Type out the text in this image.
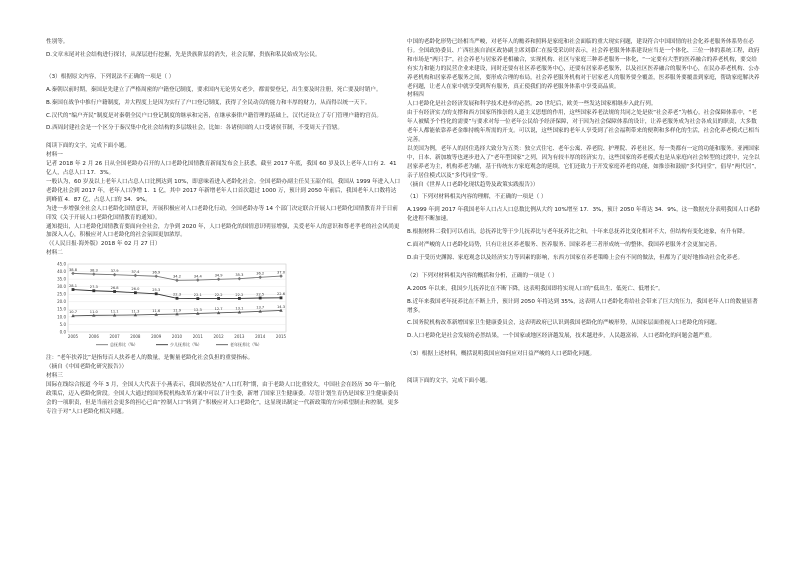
性别等。

D.文章末尾对社会结构进行探讨，从深层进行挖掘，先是贵族阶层的消失，社会瓦解，贵族和私民始成为公民。

（3）根据原文内容，下列说法不正确的一项是（ ）

A.秦朝以前时期，秦国是先建立了严格周密的户籍登记制度，要求国内无论男女老少，都需要登记，出生要及时注册，死亡要及时销户。

B.秦国在战争中推行户籍制度，并大程度上是因为实行了户口登记制度，获得了全民动员的能力和丰厚的财力，从而得以统一天下。

C.汉代的“编户齐民”制度是对秦朝全民户口登记制度的继承和完善，在继承秦律户籍管理的基础上，汉代还设立了专门管理户籍的官员。

D.西周封建社会是一个区分于秦汉集中化社会结构的多层级社会，比如：各诸侯国的人口受诸侯节制，不受周天子管辖。

阅读下面的文字，完成下面小题。

材料一

记者 2018 年 2 月 26 日从全国老龄办召开的人口老龄化国情教育新闻发布会上获悉，截至 2017 年底，我国 60 岁及以上老年人口有 2．41 亿人，占总人口 17．3%。

一般认为，60 岁及以上老年人口占总人口比例达到 10%，即意味着进入老龄化社会。全国老龄办副主任吴玉韶介绍，我国从 1999 年进入人口老龄化社会到 2017 年，老年人口净增 1．1 亿，其中 2017 年新增老年人口首次超过 1000 万，预计到 2050 年前后，我国老年人口数将达到峰值 4．87 亿，占总人口的 34．9%。

为进一步增强全社会人口老龄化国情意识，开展积极应对人口老龄化行动，全国老龄办等 14 个部门决定联合开展人口老龄化国情教育并于日前印发《关于开展人口老龄化国情教育的通知》。

通知提出，人口老龄化国情教育要面向全社会，力争到 2020 年，人口老龄化的国情意识明显增强，关爱老年人的意识和尊老孝老的社会风尚更加深入人心，积极应对人口老龄化的社会氛围更加浓厚。

（《人民日报·海外版》2018 年 02 月 27 日）

材料二

0.0
5.0
10.0
15.0
20.0
25.0
30.0
35.0
40.0
45.0
2005	2006	2007	2008	2009	2010	2011	2012	2013	2014	2015
38.8	38.3	37.9	37.4	36.9
34.2	34.4	34.9	35.3	36.2	37.0
28.1	27.3	26.8	26.0	25.3
22.3	22.1	22.2	22.2	22.5	22.6
10.7	11.0	11.1	11.3	11.6	11.9	12.3	12.7	13.1	13.7	14.3
总抚养比（%）	少儿抚养比（%）	老年抚养比（%）

注：“老年扶养比”是指每百人扶养老人的数量，是衡量老龄化社会负担的重要指标。

（摘自《中国老龄化研究报告》）

材料三

国际在线综合报道 今年 3 月，全国人大代表于小燕表示，我国依然处在“人口红利”期，由于老龄人口比重较大，中国社会在经历 30 年一胎化政策后，迈入老龄化阶段。全国人大通过的国务院机构改革方案中可以了计生委，新增了国家卫生健康委。尽管计划生育仍是国家卫生健康委员会的一项职责，但是当前社会更多的担心已由“控制人口”转到了“积极应对人口老龄化”，这显现出制定一代新政策的方向希望制止和控制，更多专注于对“人口老龄化相关问题。

中国的老龄化形势已经相当严峻，对老年人的赡养和照料是家庭和社会面临的重大现实问题，建设符合中国国情的社会化养老服务体系势在必行。全国政协委员、广西壮族自治区政协副主席刘慕仁在接受采访时表示，社会养老服务体系建设应当是一个体化、三位一体的系统工程，政府和市场是“两只手”，社会养老与居家养老相融合，实现机构、社区与家庭三种养老服务一体化，“一定要有大型的医养融合的养老机构，要交给有实力和能力的民营企业来建设，同时还要有社区养老服务中心，还要有居家养老服务，以及社区医养融合的服务中心，在民办养老机构、公办养老机构和居家养老服务之间，要形成合理的布局，社会养老服务机构对于居家老人的服务要全覆盖，医养服务要覆盖到家庭，帮助家庭解决养老问题，让老人在家中就享受到所有服务，真正使我们的养老服务体系中享受高品质。

材料四

人口老龄化是社会经济发展和科学技术进步的必然。20 世纪后，欧美一些发达国家相继步入此行列。

由于有经济实力的支撑和西方国家所推崇的人道主义思想的作用，这些国家养老法规的共同之处是依“社会养老”为核心，社会保障体系中，“老年人被赋予个性化的需要”与要求对每一位老年公民给予经济保障，对于因为社会保障体系的设计，让养老服务成为社会各成员的职责，大多数老年人都能依靠养老金维持晚年所需的开支。可以说，这些国家的老年人享受到了社会福利带来的便利和多样化的生活，社会化养老模式已相当完善。

以美国为例，老年人的居住选择大致分为五类：独立式住宅、老年公寓、养老院、护理院、养老社区，每一类都有一定的功能和服务。亚洲国家中，日本、新加坡等也逐步进入了“老年型国家”之列，因为有较丰厚的经济实力，这些国家的养老模式也是从家庭向社会转型的过渡中，完全以居家养老为主，机构养老为辅，基于传统东方家庭观念的延续，它们还致力于开发家庭养老的功能，如推崇和鼓励“多代同堂”，倡导“两代居”，亲子居住模式以及“多代同堂”等。

（摘自《世界人口老龄化现状趋势及政策实践报告》）

（1）下列对材料相关内容的理解，不正确的一项是（ ）

A.1999 年到 2017 年我国老年人口占人口总数比例从大约 10%增至 17．3%，预计 2050 年将达 34．9%，这一数据充分表明我国人口老龄化进程不断加速。

B.根据材料二我们可以看出，总抚养比等于少儿抚养比与老年抚养比之和，十年来总抚养比变化相对不大，但结构有变化迹象，有升有降。

C.面对严峻的人口老龄化局势，只有让社区养老服务、医养服务、国家养老三者形成统一的整体，我国养老服务才会更加完善。

D.由于受历史渊源、家庭观念以及经济实力等因素的影响，东西方国家在养老策略上会有不同的做法，但都为了更好地推动社会化养老。

（2）下列对材料相关内容的概括和分析，正确的一项是（ ）

A.2005 年以来，我国少儿抚养比在不断下降，这表明我国即将实现人口的“低出生、低死亡、低增长”。

B.近年来我国老年抚养比在不断上升，预计到 2050 年将达到 35%，这表明人口老龄化将给社会带来了巨大的压力，我国老年人口的数量显著增多。

C.国务院机构改革新增国家卫生健康委员会，这表明政府已认识到我国老龄化的严峻形势，从国家层面重视人口老龄化的问题。

D.人口老龄化是社会发展的必然结果，一个国家或地区经济越发展，技术越进步，人民越富裕，人口老龄化的问题会越严重。

（3）根据上述材料，概括说明我国应如何应对日益严峻的人口老龄化问题。

阅读下面的文字，完成下面小题。
